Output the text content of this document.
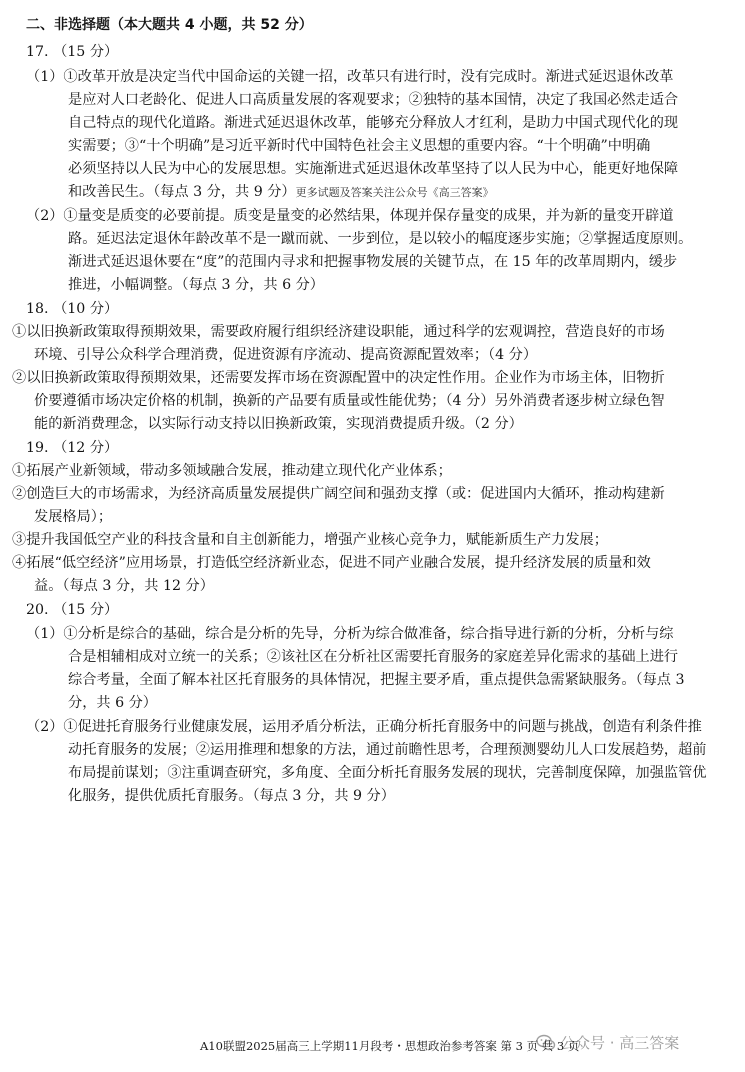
二、非选择题（本大题共 4 小题，共 52 分）
17. （15 分）
（1）①改革开放是决定当代中国命运的关键一招，改革只有进行时，没有完成时。渐进式延迟退休改革
是应对人口老龄化、促进人口高质量发展的客观要求；②独特的基本国情，决定了我国必然走适合
自己特点的现代化道路。渐进式延迟退休改革，能够充分释放人才红利，是助力中国式现代化的现
实需要；③“十个明确”是习近平新时代中国特色社会主义思想的重要内容。“十个明确”中明确
必须坚持以人民为中心的发展思想。实施渐进式延迟退休改革坚持了以人民为中心，能更好地保障
和改善民生。（每点 3 分，共 9 分）更多试题及答案关注公众号《高三答案》
（2）①量变是质变的必要前提。质变是量变的必然结果，体现并保存量变的成果，并为新的量变开辟道
路。延迟法定退休年龄改革不是一蹴而就、一步到位，是以较小的幅度逐步实施；②掌握适度原则。
渐进式延迟退休要在“度”的范围内寻求和把握事物发展的关键节点，在 15 年的改革周期内，缓步
推进，小幅调整。（每点 3 分，共 6 分）
18. （10 分）
①以旧换新政策取得预期效果，需要政府履行组织经济建设职能，通过科学的宏观调控，营造良好的市场
环境、引导公众科学合理消费，促进资源有序流动、提高资源配置效率；（4 分）
②以旧换新政策取得预期效果，还需要发挥市场在资源配置中的决定性作用。企业作为市场主体，旧物折
价要遵循市场决定价格的机制，换新的产品要有质量或性能优势；（4 分）另外消费者逐步树立绿色智
能的新消费理念，以实际行动支持以旧换新政策，实现消费提质升级。（2 分）
19. （12 分）
①拓展产业新领域，带动多领域融合发展，推动建立现代化产业体系；
②创造巨大的市场需求，为经济高质量发展提供广阔空间和强劲支撑（或：促进国内大循环，推动构建新
发展格局）；
③提升我国低空产业的科技含量和自主创新能力，增强产业核心竞争力，赋能新质生产力发展；
④拓展“低空经济”应用场景，打造低空经济新业态，促进不同产业融合发展，提升经济发展的质量和效
益。（每点 3 分，共 12 分）
20. （15 分）
（1）①分析是综合的基础，综合是分析的先导，分析为综合做准备，综合指导进行新的分析，分析与综
合是相辅相成对立统一的关系；②该社区在分析社区需要托育服务的家庭差异化需求的基础上进行
综合考量，全面了解本社区托育服务的具体情况，把握主要矛盾，重点提供急需紧缺服务。（每点 3
分，共 6 分）
（2）①促进托育服务行业健康发展，运用矛盾分析法，正确分析托育服务中的问题与挑战，创造有利条件推
动托育服务的发展；②运用推理和想象的方法，通过前瞻性思考，合理预测婴幼儿人口发展趋势，超前
布局提前谋划；③注重调查研究，多角度、全面分析托育服务发展的现状，完善制度保障，加强监管优
化服务，提供优质托育服务。（每点 3 分，共 9 分）
公众号 · 高三答案
A10联盟2025届高三上学期11月段考・思想政治参考答案 第 3 页 共 3 页
